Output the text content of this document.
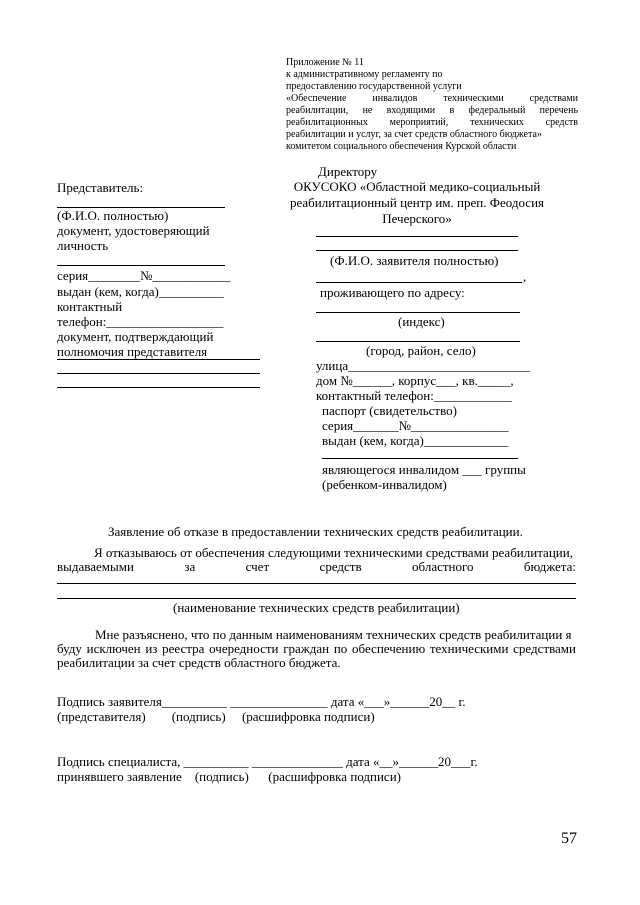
Приложение № 11
к административному регламенту по
предоставлению государственной услуги
«Обеспечение инвалидов техническими средствами
реабилитации, не входящими в федеральный перечень
реабилитационных мероприятий, технических средств
реабилитации и услуг, за счет средств областного бюджета»
комитетом социального обеспечения Курской области
Директору
ОКУСОКО «Областной медико-социальный
реабилитационный центр им. преп. Феодосия
Печерского»
Представитель:
(Ф.И.О. полностью)
документ, удостоверяющий
личность
серия________№____________
выдан (кем, когда)__________
контактный
телефон:__________________
документ, подтверждающий
полномочия представителя
(Ф.И.О. заявителя полностью)
,
проживающего по адресу:
(индекс)
(город, район, село)
улица____________________________
дом №______, корпус___, кв._____,
контактный телефон:____________
паспорт (свидетельство)
серия_______№_______________
выдан (кем, когда)_____________
являющегося инвалидом ___ группы
(ребенком-инвалидом)
Заявление об отказе в предоставлении технических средств реабилитации.
Я отказываюсь от обеспечения следующими техническими средствами реабилитации,
выдаваемыми за счет средств областного бюджета:
(наименование технических средств реабилитации)
Мне разъяснено, что по данным наименованиям технических средств реабилитации я
буду исключен из реестра очередности граждан по обеспечению техническими средствами
реабилитации за счет средств областного бюджета.
Подпись заявителя__________ _______________ дата «___»______20__ г.
(представителя)        (подпись)     (расшифровка подписи)
Подпись специалиста, __________ ______________ дата «__»______20___г.
принявшего заявление    (подпись)      (расшифровка подписи)
57
